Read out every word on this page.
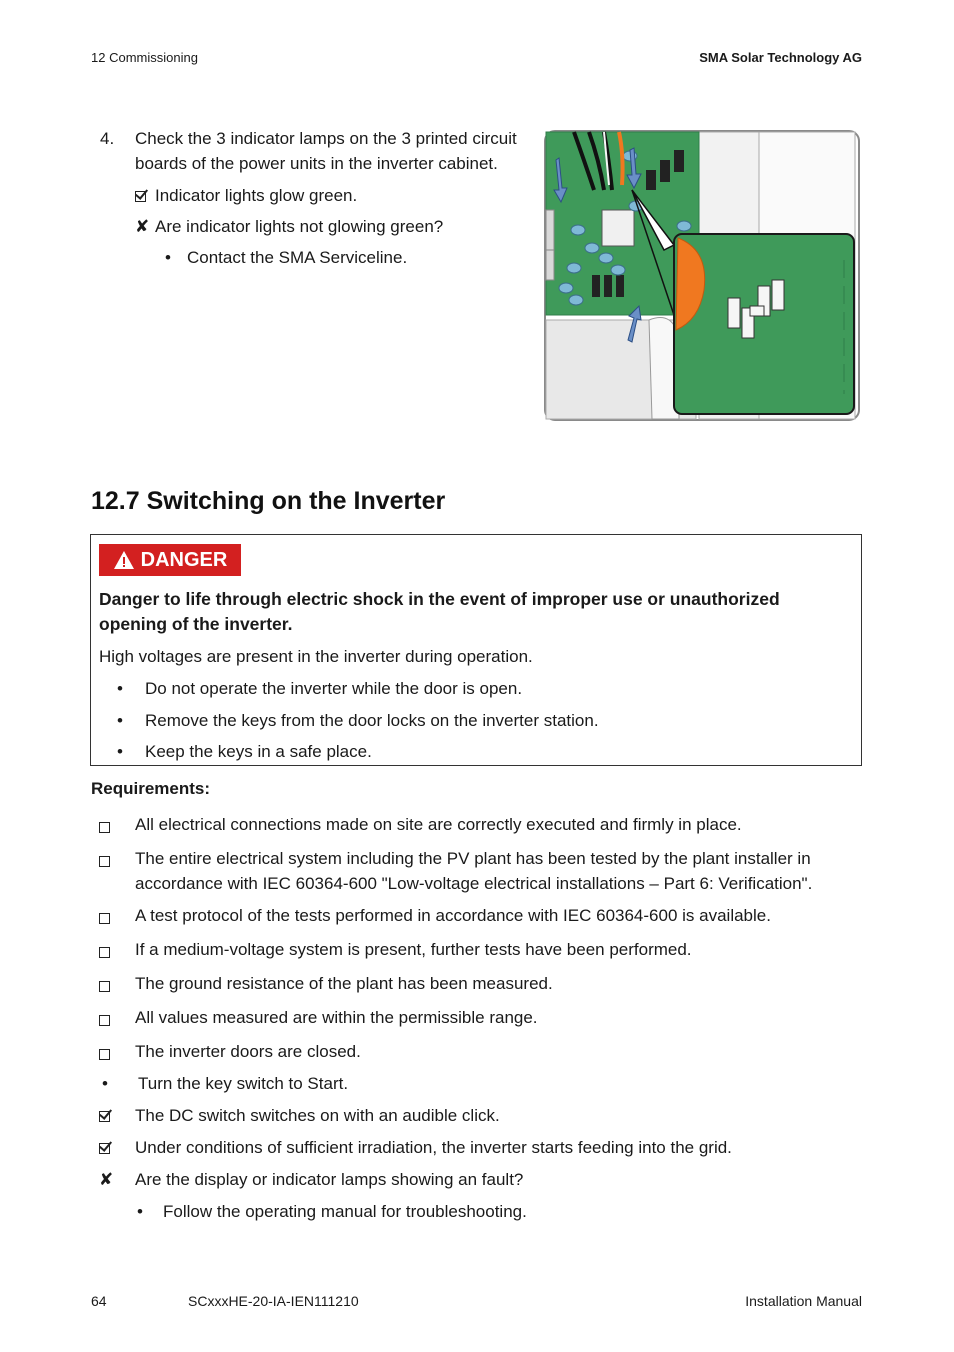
12 Commissioning	SMA Solar Technology AG
4. Check the 3 indicator lamps on the 3 printed circuit boards of the power units in the inverter cabinet.
Indicator lights glow green.
✘ Are indicator lights not glowing green?
• Contact the SMA Serviceline.
12.7 Switching on the Inverter
DANGER
Danger to life through electric shock in the event of improper use or unauthorized opening of the inverter.
High voltages are present in the inverter during operation.
•	Do not operate the inverter while the door is open.
•	Remove the keys from the door locks on the inverter station.
•	Keep the keys in a safe place.
Requirements:
All electrical connections made on site are correctly executed and firmly in place.
The entire electrical system including the PV plant has been tested by the plant installer in accordance with IEC 60364-600 "Low-voltage electrical installations – Part 6: Verification".
A test protocol of the tests performed in accordance with IEC 60364-600 is available.
If a medium-voltage system is present, further tests have been performed.
The ground resistance of the plant has been measured.
All values measured are within the permissible range.
The inverter doors are closed.
•	Turn the key switch to Start.
The DC switch switches on with an audible click.
Under conditions of sufficient irradiation, the inverter starts feeding into the grid.
✘	Are the display or indicator lamps showing an fault?
•	Follow the operating manual for troubleshooting.
64	SCxxxHE-20-IA-IEN111210	Installation Manual
